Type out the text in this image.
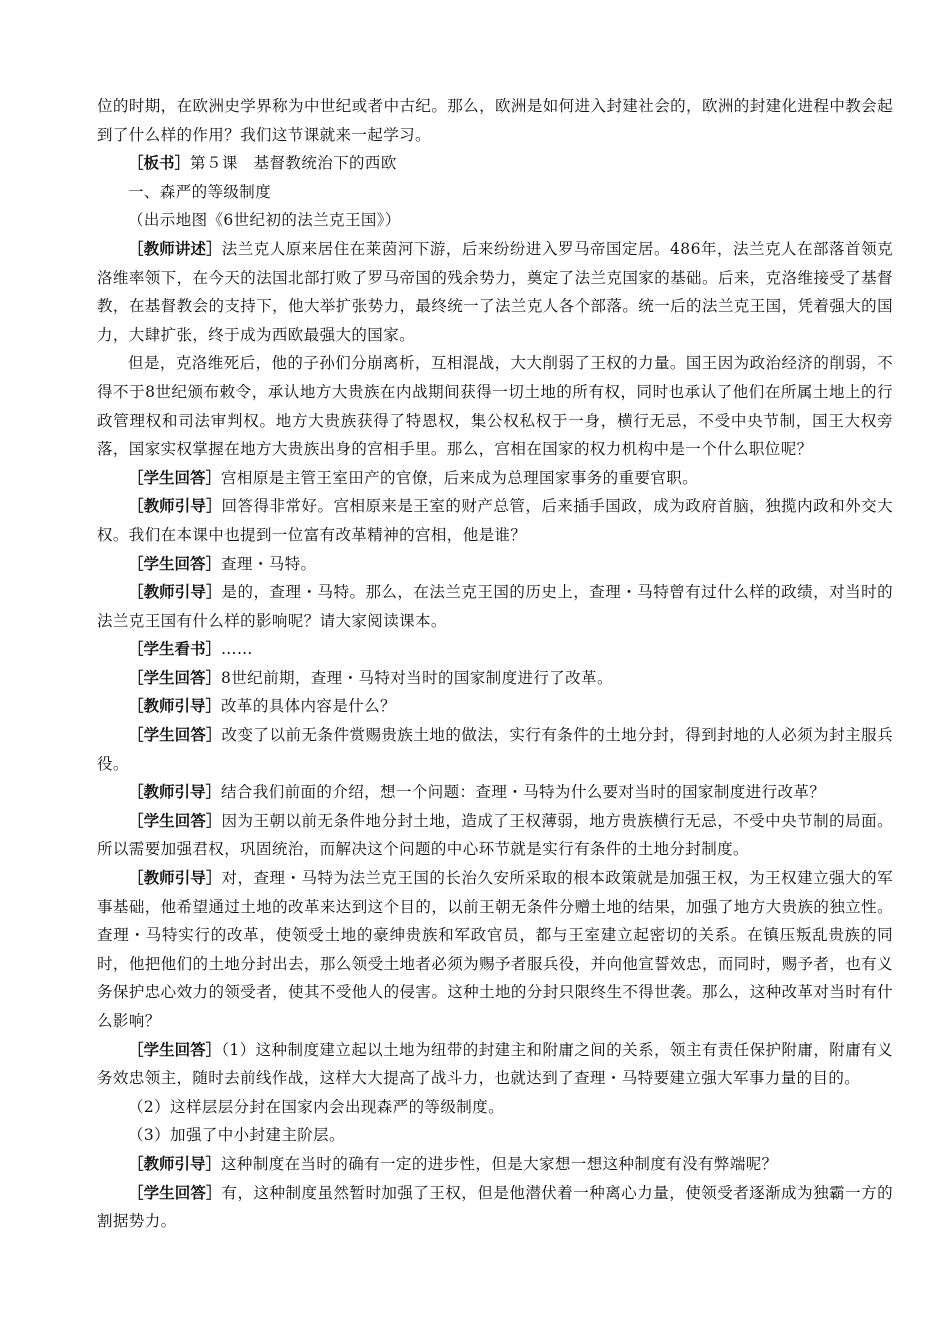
位的时期，在欧洲史学界称为中世纪或者中古纪。那么，欧洲是如何进入封建社会的，欧洲的封建化进程中教会起到了什么样的作用？我们这节课就来一起学习。

［板书］第５课　基督教统治下的西欧

一、森严的等级制度

（出示地图《6世纪初的法兰克王国》）

［教师讲述］法兰克人原来居住在莱茵河下游，后来纷纷进入罗马帝国定居。486年，法兰克人在部落首领克洛维率领下，在今天的法国北部打败了罗马帝国的残余势力，奠定了法兰克国家的基础。后来，克洛维接受了基督教，在基督教会的支持下，他大举扩张势力，最终统一了法兰克人各个部落。统一后的法兰克王国，凭着强大的国力，大肆扩张，终于成为西欧最强大的国家。

但是，克洛维死后，他的子孙们分崩离析，互相混战，大大削弱了王权的力量。国王因为政治经济的削弱，不得不于8世纪颁布敕令，承认地方大贵族在内战期间获得一切土地的所有权，同时也承认了他们在所属土地上的行政管理权和司法审判权。地方大贵族获得了特恩权，集公权私权于一身，横行无忌，不受中央节制，国王大权旁落，国家实权掌握在地方大贵族出身的宫相手里。那么，宫相在国家的权力机构中是一个什么职位呢？

［学生回答］宫相原是主管王室田产的官僚，后来成为总理国家事务的重要官职。

［教师引导］回答得非常好。宫相原来是王室的财产总管，后来插手国政，成为政府首脑，独揽内政和外交大权。我们在本课中也提到一位富有改革精神的宫相，他是谁？

［学生回答］查理・马特。

［教师引导］是的，查理・马特。那么，在法兰克王国的历史上，查理・马特曾有过什么样的政绩，对当时的法兰克王国有什么样的影响呢？请大家阅读课本。

［学生看书］……

［学生回答］8世纪前期，查理・马特对当时的国家制度进行了改革。

［教师引导］改革的具体内容是什么？

［学生回答］改变了以前无条件赏赐贵族土地的做法，实行有条件的土地分封，得到封地的人必须为封主服兵役。

［教师引导］结合我们前面的介绍，想一个问题：查理・马特为什么要对当时的国家制度进行改革？

［学生回答］因为王朝以前无条件地分封土地，造成了王权薄弱，地方贵族横行无忌，不受中央节制的局面。所以需要加强君权，巩固统治，而解决这个问题的中心环节就是实行有条件的土地分封制度。

［教师引导］对，查理・马特为法兰克王国的长治久安所采取的根本政策就是加强王权，为王权建立强大的军事基础，他希望通过土地的改革来达到这个目的，以前王朝无条件分赠土地的结果，加强了地方大贵族的独立性。查理・马特实行的改革，使领受土地的豪绅贵族和军政官员，都与王室建立起密切的关系。在镇压叛乱贵族的同时，他把他们的土地分封出去，那么领受土地者必须为赐予者服兵役，并向他宣誓效忠，而同时，赐予者，也有义务保护忠心效力的领受者，使其不受他人的侵害。这种土地的分封只限终生不得世袭。那么，这种改革对当时有什么影响？

［学生回答］（1）这种制度建立起以土地为纽带的封建主和附庸之间的关系，领主有责任保护附庸，附庸有义务效忠领主，随时去前线作战，这样大大提高了战斗力，也就达到了查理・马特要建立强大军事力量的目的。

（2）这样层层分封在国家内会出现森严的等级制度。

（3）加强了中小封建主阶层。

［教师引导］这种制度在当时的确有一定的进步性，但是大家想一想这种制度有没有弊端呢？

［学生回答］有，这种制度虽然暂时加强了王权，但是他潜伏着一种离心力量，使领受者逐渐成为独霸一方的割据势力。
